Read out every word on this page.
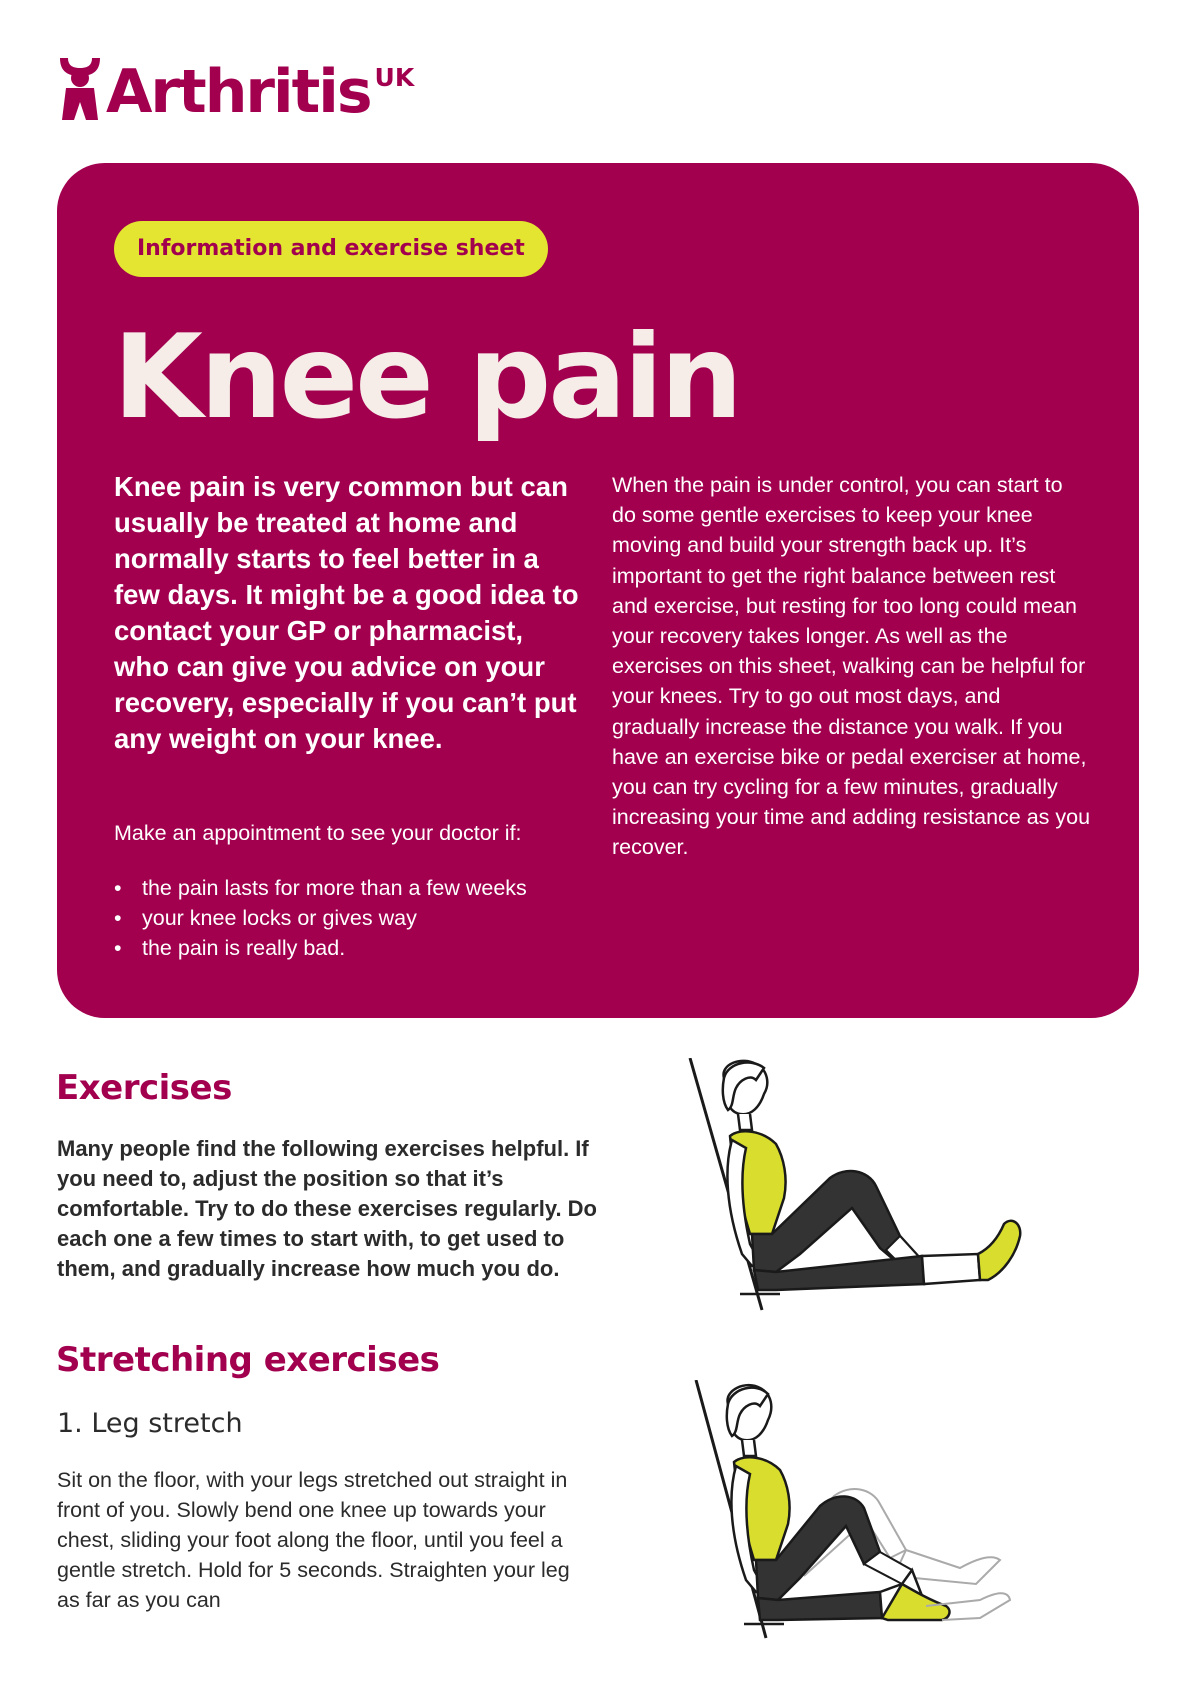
Arthritis UK
Information and exercise sheet
Knee pain

Knee pain is very common but can usually be treated at home and normally starts to feel better in a few days. It might be a good idea to contact your GP or pharmacist, who can give you advice on your recovery, especially if you can’t put any weight on your knee.

Make an appointment to see your doctor if:

• the pain lasts for more than a few weeks
• your knee locks or gives way
• the pain is really bad.

When the pain is under control, you can start to do some gentle exercises to keep your knee moving and build your strength back up. It’s important to get the right balance between rest and exercise, but resting for too long could mean your recovery takes longer. As well as the exercises on this sheet, walking can be helpful for your knees. Try to go out most days, and gradually increase the distance you walk. If you have an exercise bike or pedal exerciser at home, you can try cycling for a few minutes, gradually increasing your time and adding resistance as you recover.

Exercises

Many people find the following exercises helpful. If you need to, adjust the position so that it’s comfortable. Try to do these exercises regularly. Do each one a few times to start with, to get used to them, and gradually increase how much you do.

Stretching exercises
1. Leg stretch

Sit on the floor, with your legs stretched out straight in front of you. Slowly bend one knee up towards your chest, sliding your foot along the floor, until you feel a gentle stretch. Hold for 5 seconds. Straighten your leg as far as you can
